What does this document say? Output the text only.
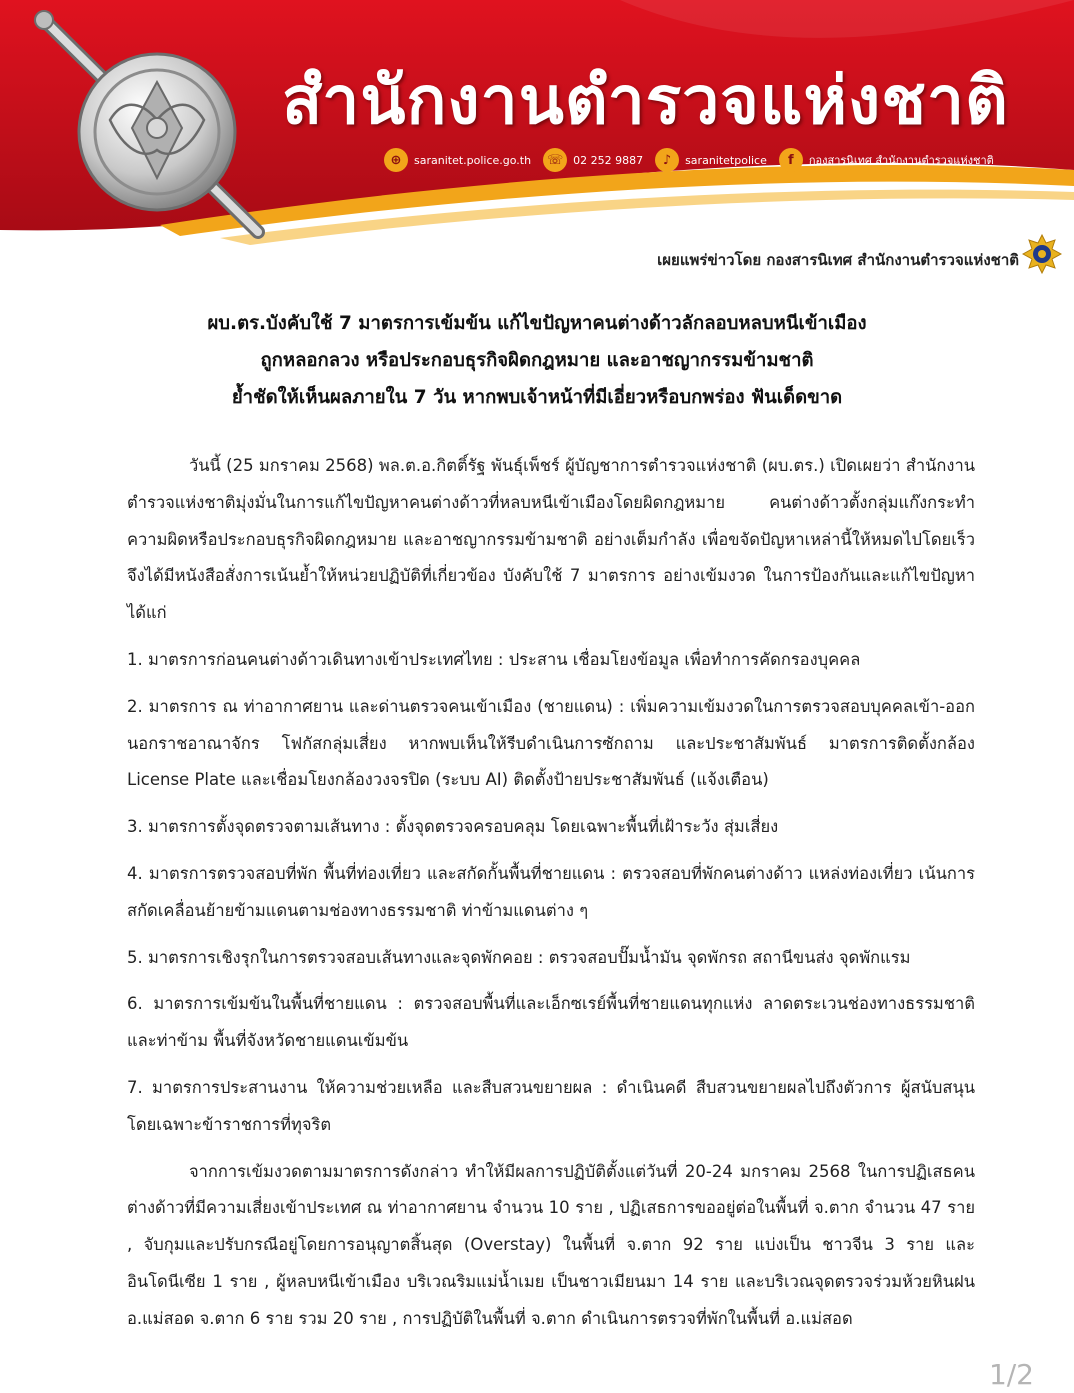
สำนักงานตำรวจแห่งชาติ
⊕	saranitet.police.go.th ☏ 02 252 9887	♪	saranitetpolice	f	กองสารนิเทศ สำนักงานตำรวจแห่งชาติ
เผยแพร่ข่าวโดย กองสารนิเทศ สำนักงานตำรวจแห่งชาติ
ผบ.ตร.บังคับใช้ 7 มาตรการเข้มข้น แก้ไขปัญหาคนต่างด้าวลักลอบหลบหนีเข้าเมือง
ถูกหลอกลวง หรือประกอบธุรกิจผิดกฎหมาย และอาชญากรรมข้ามชาติ
ย้ำชัดให้เห็นผลภายใน 7 วัน หากพบเจ้าหน้าที่มีเอี่ยวหรือบกพร่อง ฟันเด็ดขาด

วันนี้ (25 มกราคม 2568) พล.ต.อ.กิตติ์รัฐ พันธุ์เพ็ชร์ ผู้บัญชาการตำรวจแห่งชาติ (ผบ.ตร.) เปิดเผยว่า สำนักงานตำรวจแห่งชาติมุ่งมั่นในการแก้ไขปัญหาคนต่างด้าวที่หลบหนีเข้าเมืองโดยผิดกฎหมาย คนต่างด้าวตั้งกลุ่มแก๊งกระทำความผิดหรือประกอบธุรกิจผิดกฎหมาย และอาชญากรรมข้ามชาติ อย่างเต็มกำลัง เพื่อขจัดปัญหาเหล่านี้ให้หมดไปโดยเร็ว จึงได้มีหนังสือสั่งการเน้นย้ำให้หน่วยปฏิบัติที่เกี่ยวข้อง บังคับใช้ 7 มาตรการ อย่างเข้มงวด ในการป้องกันและแก้ไขปัญหา ได้แก่

1. มาตรการก่อนคนต่างด้าวเดินทางเข้าประเทศไทย : ประสาน เชื่อมโยงข้อมูล เพื่อทำการคัดกรองบุคคล

2. มาตรการ ณ ท่าอากาศยาน และด่านตรวจคนเข้าเมือง (ชายแดน) : เพิ่มความเข้มงวดในการตรวจสอบบุคคลเข้า-ออกนอกราชอาณาจักร โฟกัสกลุ่มเสี่ยง หากพบเห็นให้รีบดำเนินการซักถาม และประชาสัมพันธ์ มาตรการติดตั้งกล้อง License Plate และเชื่อมโยงกล้องวงจรปิด (ระบบ AI) ติดตั้งป้ายประชาสัมพันธ์ (แจ้งเตือน)

3. มาตรการตั้งจุดตรวจตามเส้นทาง : ตั้งจุดตรวจครอบคลุม โดยเฉพาะพื้นที่เฝ้าระวัง สุ่มเสี่ยง

4. มาตรการตรวจสอบที่พัก พื้นที่ท่องเที่ยว และสกัดกั้นพื้นที่ชายแดน : ตรวจสอบที่พักคนต่างด้าว แหล่งท่องเที่ยว เน้นการสกัดเคลื่อนย้ายข้ามแดนตามช่องทางธรรมชาติ ท่าข้ามแดนต่าง ๆ

5. มาตรการเชิงรุกในการตรวจสอบเส้นทางและจุดพักคอย : ตรวจสอบปั๊มน้ำมัน จุดพักรถ สถานีขนส่ง จุดพักแรม

6. มาตรการเข้มข้นในพื้นที่ชายแดน : ตรวจสอบพื้นที่และเอ็กซเรย์พื้นที่ชายแดนทุกแห่ง ลาดตระเวนช่องทางธรรมชาติ และท่าข้าม พื้นที่จังหวัดชายแดนเข้มข้น

7. มาตรการประสานงาน ให้ความช่วยเหลือ และสืบสวนขยายผล : ดำเนินคดี สืบสวนขยายผลไปถึงตัวการ ผู้สนับสนุน โดยเฉพาะข้าราชการที่ทุจริต

จากการเข้มงวดตามมาตรการดังกล่าว ทำให้มีผลการปฏิบัติตั้งแต่วันที่ 20-24 มกราคม 2568 ในการปฏิเสธคนต่างด้าวที่มีความเสี่ยงเข้าประเทศ ณ ท่าอากาศยาน จำนวน 10 ราย , ปฏิเสธการขออยู่ต่อในพื้นที่ จ.ตาก จำนวน 47 ราย , จับกุมและปรับกรณีอยู่โดยการอนุญาตสิ้นสุด (Overstay) ในพื้นที่ จ.ตาก 92 ราย แบ่งเป็น ชาวจีน 3 ราย และอินโดนีเซีย 1 ราย , ผู้หลบหนีเข้าเมือง บริเวณริมแม่น้ำเมย เป็นชาวเมียนมา 14 ราย และบริเวณจุดตรวจร่วมห้วยหินฝน อ.แม่สอด จ.ตาก 6 ราย รวม 20 ราย , การปฏิบัติในพื้นที่ จ.ตาก ดำเนินการตรวจที่พักในพื้นที่ อ.แม่สอด

1/2
